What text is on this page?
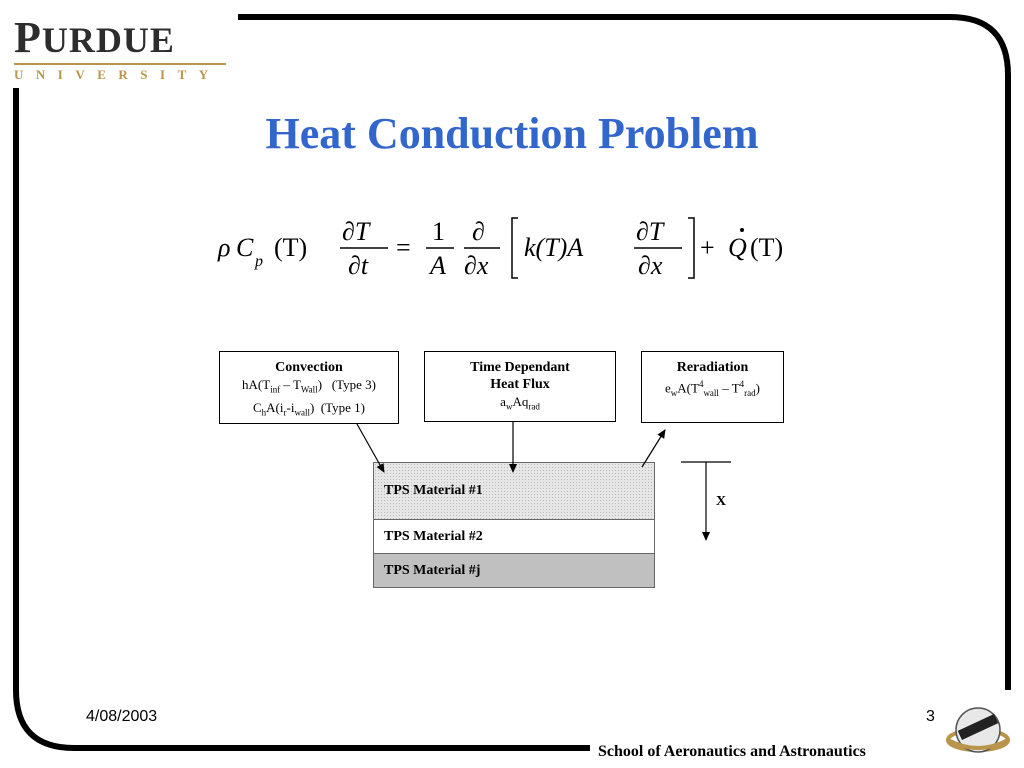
PURDUE
UNIVERSITY
Heat Conduction Problem
ρ C p (T)
∂T
∂t
=
1
A
∂
∂x
k(T)A
∂T
∂x
+ Q (T)
Convection
$hA(T_{inf} - T_{Wall})$   (Type 3)
$C_hA(i_r-i_{wall})$  (Type 1)
Time Dependant
Heat Flux
$a_wAq_{rad}$
Reradiation
$e_wA(T^4_{wall} - T^4_{rad})$
TPS Material #1
TPS Material #2
TPS Material #j
X
4/08/2003	3
School of Aeronautics and Astronautics
